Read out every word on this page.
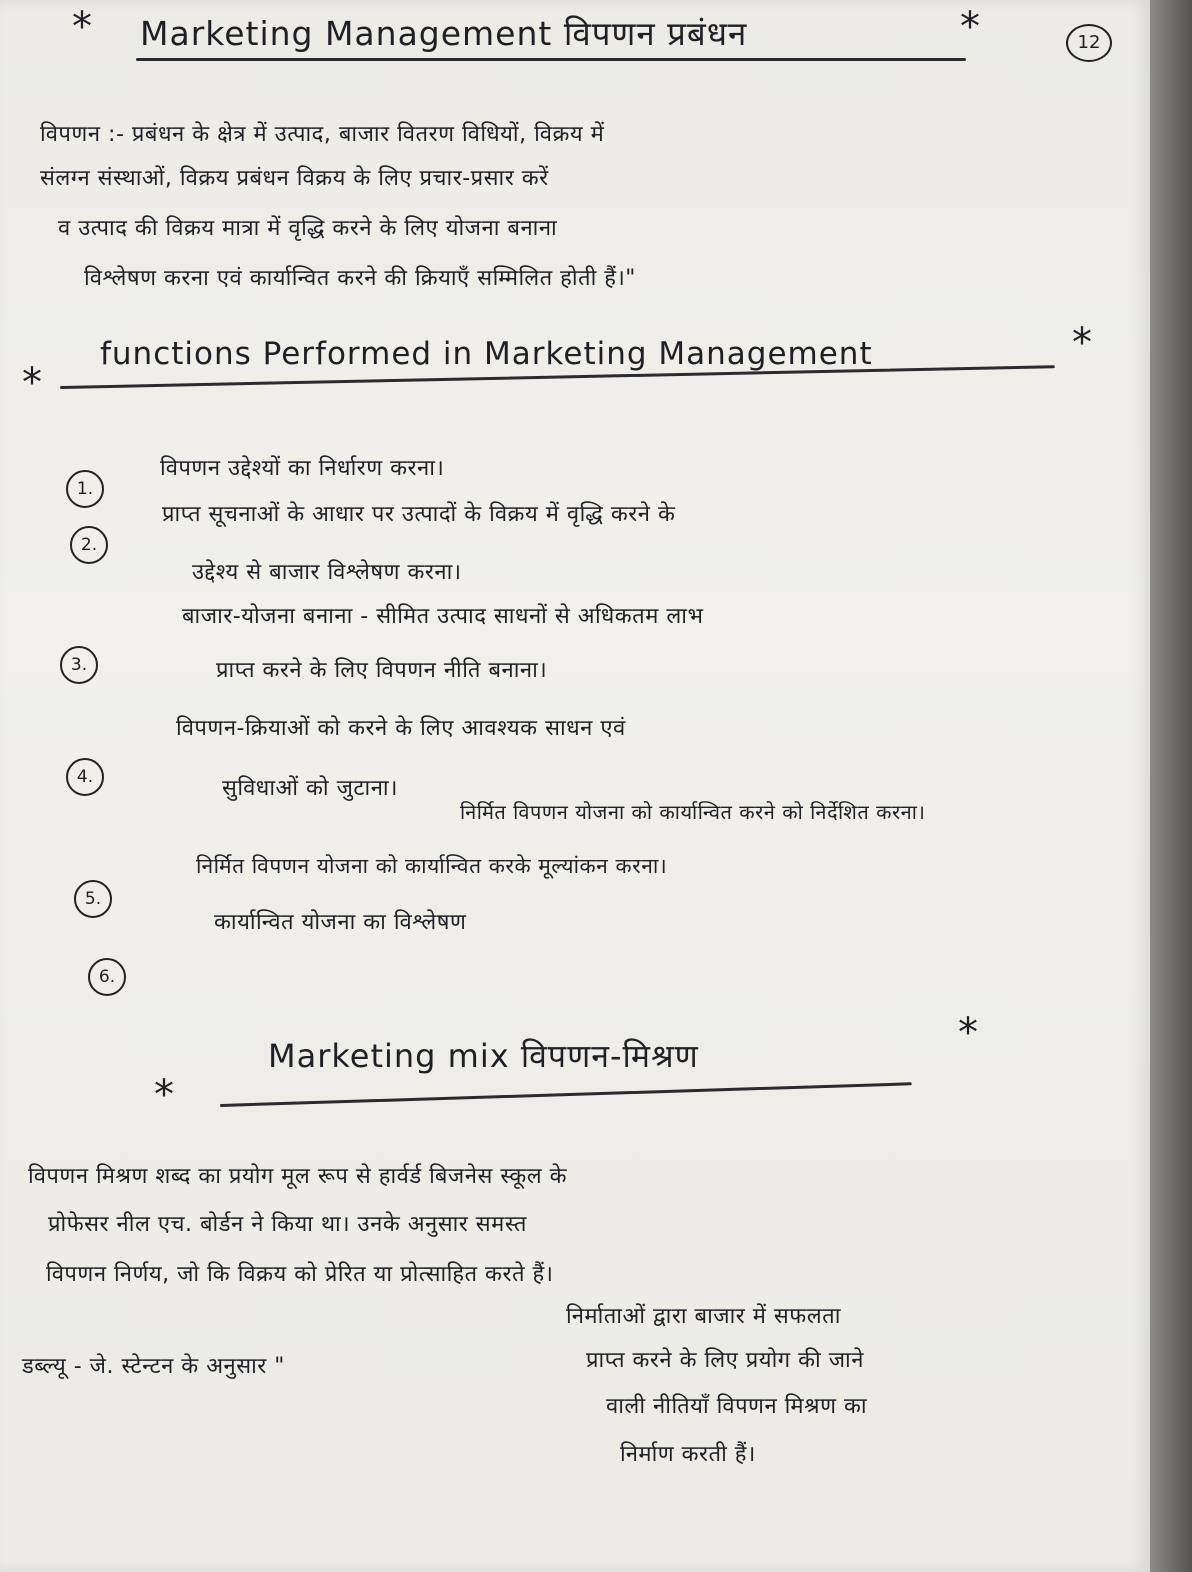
12
* Marketing Management विपणन प्रबंधन	*
विपणन :- प्रबंधन के क्षेत्र में उत्पाद, बाजार वितरण विधियों, विक्रय में
संलग्न संस्थाओं, विक्रय प्रबंधन विक्रय के लिए प्रचार-प्रसार करें
व उत्पाद की विक्रय मात्रा में वृद्धि करने के लिए योजना बनाना
विश्लेषण करना एवं कार्यान्वित करने की क्रियाएँ सम्मिलित होती हैं।"
*
functions Performed in Marketing Management	*
1.
विपणन उद्देश्यों का निर्धारण करना।
2.
प्राप्त सूचनाओं के आधार पर उत्पादों के विक्रय में वृद्धि करने के
उद्देश्य से बाजार विश्लेषण करना।
3.
बाजार-योजना बनाना - सीमित उत्पाद साधनों से अधिकतम लाभ
प्राप्त करने के लिए विपणन नीति बनाना।
4.
विपणन-क्रियाओं को करने के लिए आवश्यक साधन एवं
सुविधाओं को जुटाना।
5.
निर्मित विपणन योजना को कार्यान्वित करने को निर्देशित करना।
निर्मित विपणन योजना को कार्यान्वित करके मूल्यांकन करना।
6.
कार्यान्वित योजना का विश्लेषण
*
Marketing mix विपणन-मिश्रण	*
विपणन मिश्रण शब्द का प्रयोग मूल रूप से हार्वर्ड बिजनेस स्कूल के
प्रोफेसर नील एच. बोर्डन ने किया था। उनके अनुसार समस्त
विपणन निर्णय, जो कि विक्रय को प्रेरित या प्रोत्साहित करते हैं।
डब्ल्यू - जे. स्टेन्टन के अनुसार "
निर्माताओं द्वारा बाजार में सफलता
प्राप्त करने के लिए प्रयोग की जाने
वाली नीतियाँ विपणन मिश्रण का
निर्माण करती हैं।
